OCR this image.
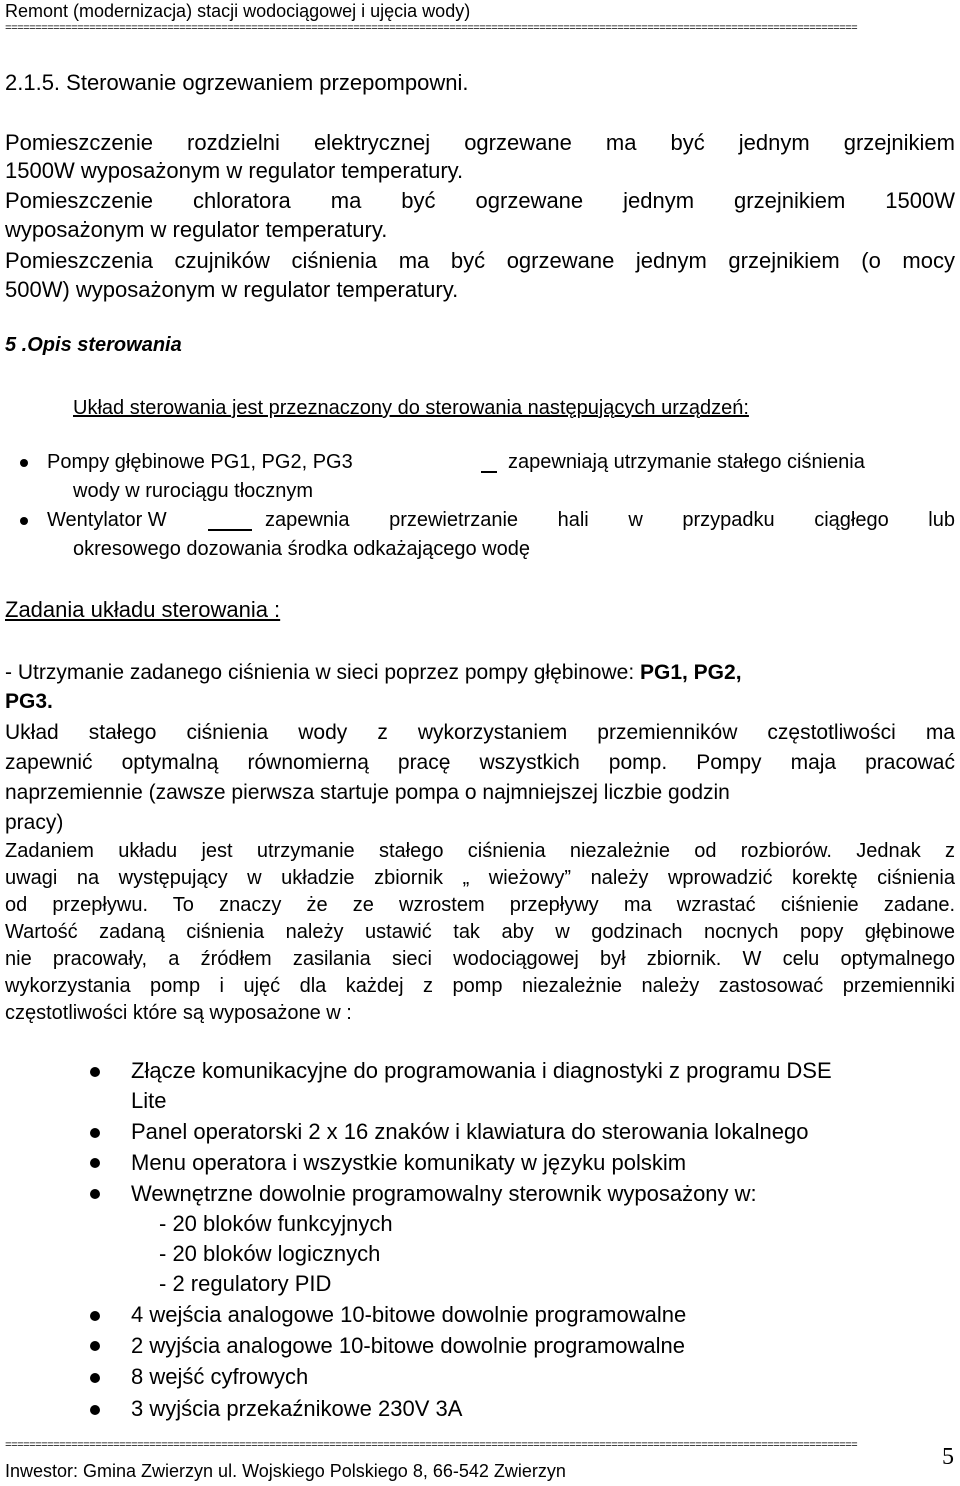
Remont (modernizacja) stacji wodociągowej i ujęcia wody)
==============================================================================================================================================
2.1.5. Sterowanie ogrzewaniem przepompowni.
Pomieszczenie rozdzielni elektrycznej ogrzewane ma być jednym grzejnikiem
1500W wyposażonym w regulator temperatury.
Pomieszczenie chloratora ma być ogrzewane jednym grzejnikiem 1500W
wyposażonym w regulator temperatury.
Pomieszczenia czujników ciśnienia ma być ogrzewane jednym grzejnikiem (o mocy
500W) wyposażonym w regulator temperatury.
5 .Opis sterowania
Układ sterowania jest przeznaczony do sterowania następujących urządzeń:
Pompy głębinowe PG1, PG2, PG3	zapewniają utrzymanie stałego ciśnienia
wody w rurociągu tłocznym
Wentylator W	zapewnia przewietrzanie hali w przypadku ciągłego lub
okresowego dozowania środka odkażającego wodę
Zadania układu sterowania :
- Utrzymanie zadanego ciśnienia w sieci poprzez pompy głębinowe: PG1, PG2,
PG3.
Układ stałego ciśnienia wody z wykorzystaniem przemienników częstotliwości ma
zapewnić optymalną równomierną pracę wszystkich pomp. Pompy maja pracować
naprzemiennie (zawsze pierwsza startuje pompa o najmniejszej liczbie godzin
pracy)
Zadaniem układu jest utrzymanie stałego ciśnienia niezależnie od rozbiorów. Jednak z
uwagi na występujący w układzie zbiornik „ wieżowy” należy wprowadzić korektę ciśnienia
od przepływu. To znaczy że ze wzrostem przepływy ma wzrastać ciśnienie zadane.
Wartość zadaną ciśnienia należy ustawić tak aby w godzinach nocnych popy głębinowe
nie pracowały, a źródłem zasilania sieci wodociągowej był zbiornik. W celu optymalnego
wykorzystania pomp i ujęć dla każdej z pomp niezależnie należy zastosować przemienniki
częstotliwości które są wyposażone w :
Złącze komunikacyjne do programowania i diagnostyki z programu DSE
Lite
Panel operatorski 2 x 16 znaków i klawiatura do sterowania lokalnego
Menu operatora i wszystkie komunikaty w języku polskim
Wewnętrzne dowolnie programowalny sterownik wyposażony w:
- 20 bloków funkcyjnych
- 20 bloków logicznych
- 2 regulatory PID
4 wejścia analogowe 10-bitowe dowolnie programowalne
2 wyjścia analogowe 10-bitowe dowolnie programowalne
8 wejść cyfrowych
3 wyjścia przekaźnikowe 230V 3A
==============================================================================================================================================
Inwestor: Gmina Zwierzyn ul. Wojskiego Polskiego 8, 66-542 Zwierzyn
5
